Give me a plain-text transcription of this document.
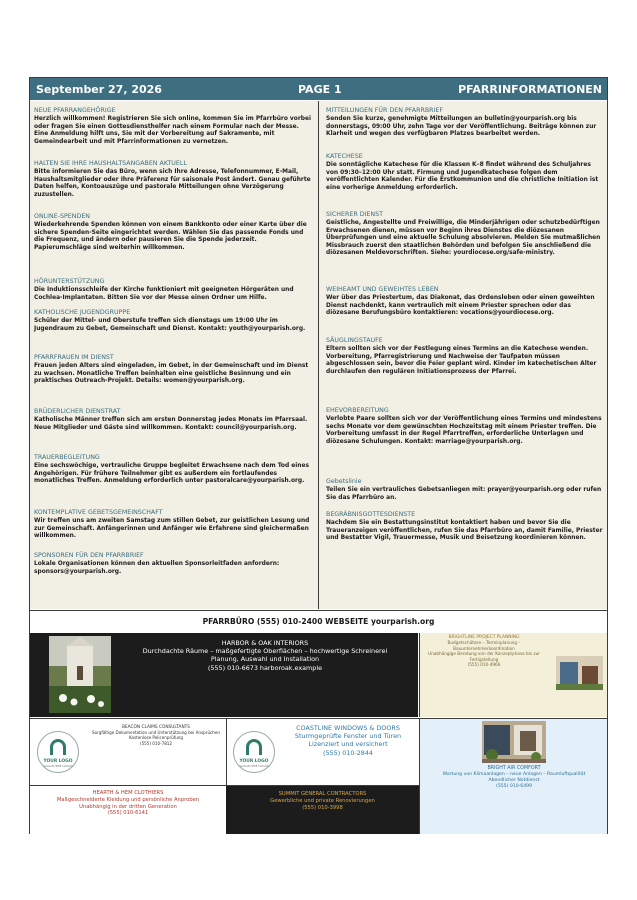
September 27, 2026	PAGE 1	PFARRINFORMATIONEN
NEUE PFARRANGEHÖRIGE
Herzlich willkommen! Registrieren Sie sich online, kommen Sie im Pfarrbüro vorbei oder fragen Sie einen Gottesdiensthelfer nach einem Formular nach der Messe. Eine Anmeldung hilft uns, Sie mit der Vorbereitung auf Sakramente, mit Gemeindearbeit und mit Pfarrinformationen zu vernetzen.
HALTEN SIE IHRE HAUSHALTSANGABEN AKTUELL
Bitte informieren Sie das Büro, wenn sich Ihre Adresse, Telefonnummer, E-Mail, Haushaltsmitglieder oder Ihre Präferenz für saisonale Post ändert. Genau geführte Daten helfen, Kontoauszüge und pastorale Mitteilungen ohne Verzögerung zuzustellen.
ONLINE-SPENDEN
Wiederkehrende Spenden können von einem Bankkonto oder einer Karte über die sichere Spenden-Seite eingerichtet werden. Wählen Sie das passende Fonds und die Frequenz, und ändern oder pausieren Sie die Spende jederzeit. Papierumschläge sind weiterhin willkommen.
HÖRUNTERSTÜTZUNG
Die Induktionsschleife der Kirche funktioniert mit geeigneten Hörgeräten und Cochlea-Implantaten. Bitten Sie vor der Messe einen Ordner um Hilfe.
KATHOLISCHE JUGENDGRUPPE
Schüler der Mittel- und Oberstufe treffen sich dienstags um 19:00 Uhr im Jugendraum zu Gebet, Gemeinschaft und Dienst. Kontakt: youth@yourparish.org.
PFARRFRAUEN IM DIENST
Frauen jeden Alters sind eingeladen, im Gebet, in der Gemeinschaft und im Dienst zu wachsen. Monatliche Treffen beinhalten eine geistliche Besinnung und ein praktisches Outreach-Projekt. Details: women@yourparish.org.
BRÜDERLICHER DIENSTRAT
Katholische Männer treffen sich am ersten Donnerstag jedes Monats im Pfarrsaal. Neue Mitglieder und Gäste sind willkommen. Kontakt: council@yourparish.org.
TRAUERBEGLEITUNG
Eine sechswöchige, vertrauliche Gruppe begleitet Erwachsene nach dem Tod eines Angehörigen. Für frühere Teilnehmer gibt es außerdem ein fortlaufendes monatliches Treffen. Anmeldung erforderlich unter pastoralcare@yourparish.org.
KONTEMPLATIVE GEBETSGEMEINSCHAFT
Wir treffen uns am zweiten Samstag zum stillen Gebet, zur geistlichen Lesung und zur Gemeinschaft. Anfängerinnen und Anfänger wie Erfahrene sind gleichermaßen willkommen.
SPONSOREN FÜR DEN PFARRBRIEF
Lokale Organisationen können den aktuellen Sponsorleitfaden anfordern: sponsors@yourparish.org.
MITTEILUNGEN FÜR DEN PFARRBRIEF
Senden Sie kurze, genehmigte Mitteilungen an bulletin@yourparish.org bis donnerstags, 09:00 Uhr, zehn Tage vor der Veröffentlichung. Beiträge können zur Klarheit und wegen des verfügbaren Platzes bearbeitet werden.
KATECHESE
Die sonntägliche Katechese für die Klassen K–8 findet während des Schuljahres von 09:30–12:00 Uhr statt. Firmung und Jugendkatechese folgen dem veröffentlichten Kalender. Für die Erstkommunion und die christliche Initiation ist eine vorherige Anmeldung erforderlich.
SICHERER DIENST
Geistliche, Angestellte und Freiwillige, die Minderjährigen oder schutzbedürftigen Erwachsenen dienen, müssen vor Beginn ihres Dienstes die diözesanen Überprüfungen und eine aktuelle Schulung absolvieren. Melden Sie mutmaßlichen Missbrauch zuerst den staatlichen Behörden und befolgen Sie anschließend die diözesanen Meldevorschriften. Siehe: yourdiocese.org/safe-ministry.
WEIHEAMT UND GEWEIHTES LEBEN
Wer über das Priestertum, das Diakonat, das Ordensleben oder einen geweihten Dienst nachdenkt, kann vertraulich mit einem Priester sprechen oder das diözesane Berufungsbüro kontaktieren: vocations@yourdiocese.org.
SÄUGLINGSTAUFE
Eltern sollten sich vor der Festlegung eines Termins an die Katechese wenden. Vorbereitung, Pfarregistrierung und Nachweise der Taufpaten müssen abgeschlossen sein, bevor die Feier geplant wird. Kinder im katechetischen Alter durchlaufen den regulären Initiationsprozess der Pfarrei.
EHEVORBEREITUNG
Verlobte Paare sollten sich vor der Veröffentlichung eines Termins und mindestens sechs Monate vor dem gewünschten Hochzeitstag mit einem Priester treffen. Die Vorbereitung umfasst in der Regel Pfarrtreffen, erforderliche Unterlagen und diözesane Schulungen. Kontakt: marriage@yourparish.org.
Gebetslinie
Teilen Sie ein vertrauliches Gebetsanliegen mit: prayer@yourparish.org oder rufen Sie das Pfarrbüro an.
BEGRÄBNISGOTTESDIENSTE
Nachdem Sie ein Bestattungsinstitut kontaktiert haben und bevor Sie die Traueranzeigen veröffentlichen, rufen Sie das Pfarrbüro an, damit Familie, Priester und Bestatter Vigil, Trauermesse, Musik und Beisetzung koordinieren können.
PFARRBÜRO (555) 010-2400 WEBSEITE yourparish.org
HARBOR & OAK INTERIORS
Durchdachte Räume – maßgefertigte Oberflächen – hochwertige Schreinerei
Planung, Auswahl und Installation
(555) 010-6673 harboroak.example
BRIGHTLINE PROJECT PLANNING
Budgetschätzen – Terminplanung – Bauunternehmerkoordination
Unabhängige Beratung von der Konzeptphase bis zur Fertigstellung
(555) 010-4966
YOUR LOGO
SLOGAN HERE SLOGAN
BEACON CLAIMS CONSULTANTS
Sorgfältige Dokumentation und Unterstützung bei Ansprüchen
Kostenlose Policenprüfung
(555) 010-7812
YOUR LOGO
SLOGAN HERE SLOGAN
COASTLINE WINDOWS & DOORS
Sturmgeprüfte Fenster und Türen
Lizenziert und versichert
(555) 010-2844
BRIGHT AIR COMFORT
Wartung von Klimaanlagen – neue Anlagen – Raumluftqualität
Abendlicher Notdienst
(555) 010-6499
HEARTH & HEM CLOTHIERS
Maßgeschneiderte Kleidung und persönliche Anproben
Unabhängig in der dritten Generation
(555) 010-6141
SUMMIT GENERAL CONTRACTORS
Gewerbliche und private Renovierungen
(555) 010-3998
